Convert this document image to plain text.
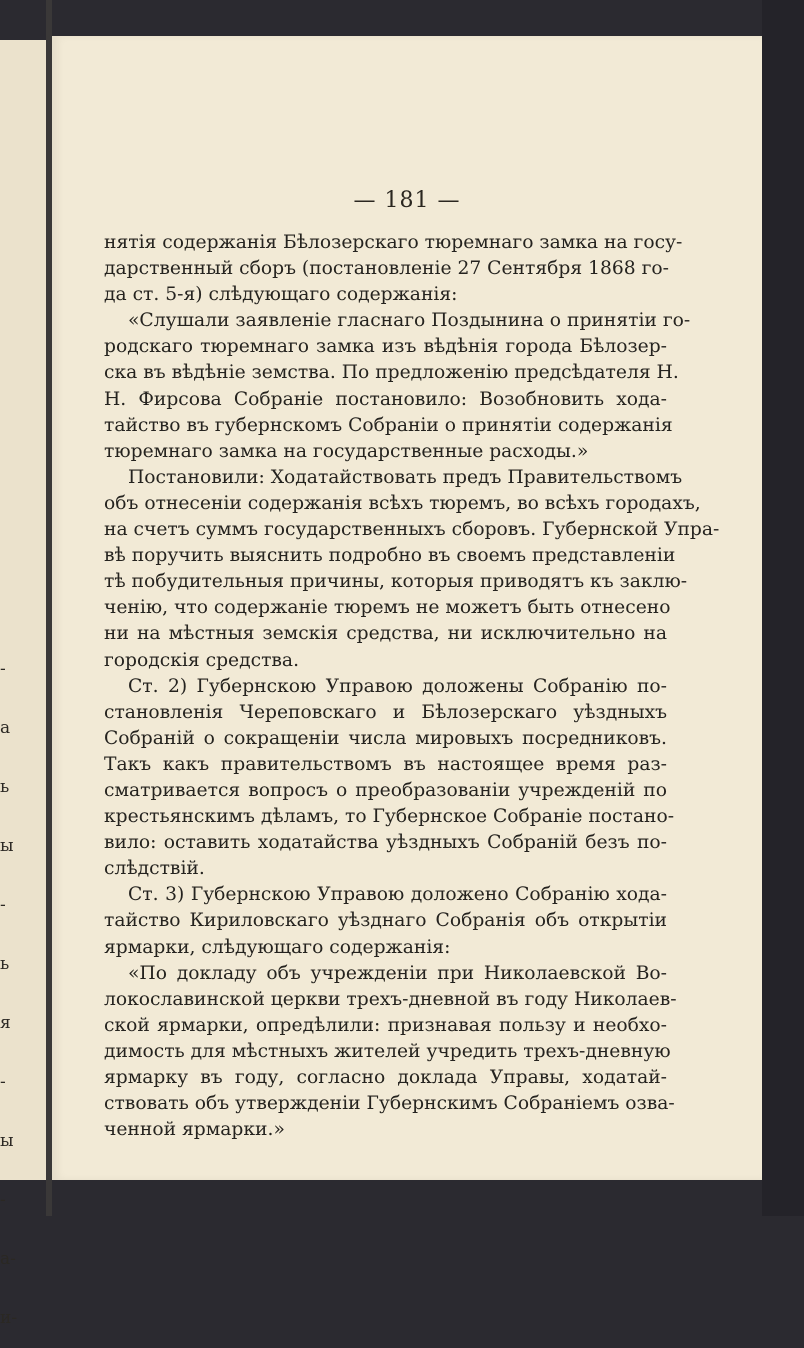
-
а
ь
ы
-
ь
я
-
ы
-
а-
и-
— 181 —
нятія содержанія Бѣлозерскаго тюремнаго замка на госу-
дарственный сборъ (постановленіе 27 Сентября 1868 го-
да ст. 5-я) слѣдующаго содержанія:
«Слушали заявленіе гласнаго Поздынина о принятіи го-
родскаго тюремнаго замка изъ вѣдѣнія города Бѣлозер-
ска въ вѣдѣніе земства. По предложенію предсѣдателя Н.
Н. Фирсова Собраніе постановило: Возобновить хода-
тайство въ губернскомъ Собраніи о принятіи содержанія
тюремнаго замка на государственные расходы.»
Постановили: Ходатайствовать предъ Правительствомъ
объ отнесеніи содержанія всѣхъ тюремъ, во всѣхъ городахъ,
на счетъ суммъ государственныхъ сборовъ. Губернской Упра-
вѣ поручить выяснить подробно въ своемъ представленіи
тѣ побудительныя причины, которыя приводятъ къ заклю-
ченію, что содержаніе тюремъ не можетъ быть отнесено
ни на мѣстныя земскія средства, ни исключительно на
городскія средства.
Ст. 2) Губернскою Управою доложены Собранію по-
становленія Череповскаго и Бѣлозерскаго уѣздныхъ
Собраній о сокращеніи числа мировыхъ посредниковъ.
Такъ какъ правительствомъ въ настоящее время раз-
сматривается вопросъ о преобразованіи учрежденій по
крестьянскимъ дѣламъ, то Губернское Собраніе постано-
вило: оставить ходатайства уѣздныхъ Собраній безъ по-
слѣдствій.
Ст. 3) Губернскою Управою доложено Собранію хода-
тайство Кириловскаго уѣзднаго Собранія объ открытіи
ярмарки, слѣдующаго содержанія:
«По докладу объ учрежденіи при Николаевской Во-
локославинской церкви трехъ-дневной въ году Николаев-
ской ярмарки, опредѣлили: признавая пользу и необхо-
димость для мѣстныхъ жителей учредить трехъ-дневную
ярмарку въ году, согласно доклада Управы, ходатай-
ствовать объ утвержденіи Губернскимъ Собраніемъ озва-
ченной ярмарки.»
